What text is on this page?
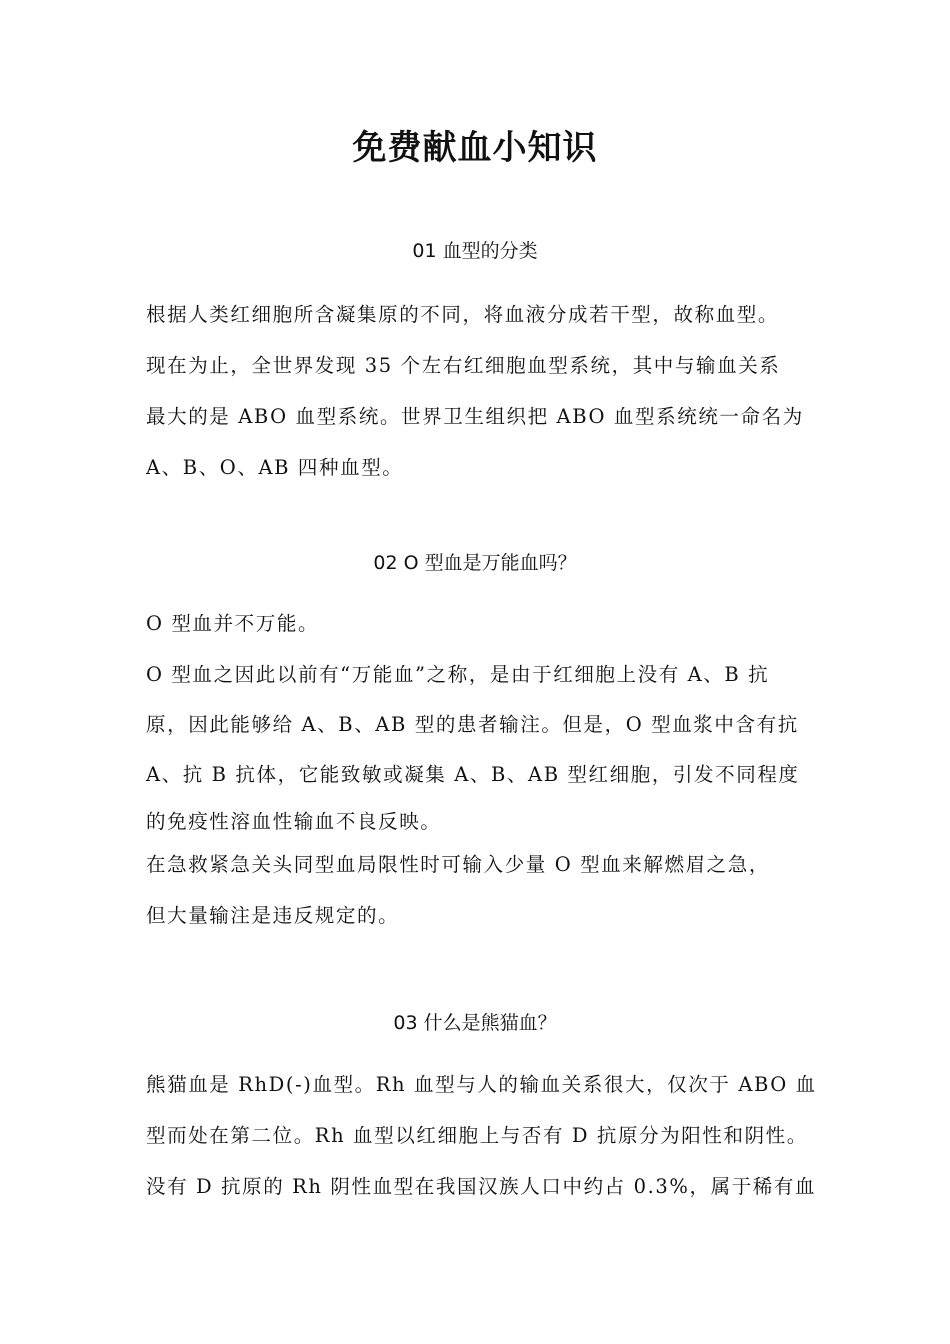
免费献血小知识
01 血型的分类
根据人类红细胞所含凝集原的不同，将血液分成若干型，故称血型。
现在为止，全世界发现 35 个左右红细胞血型系统，其中与输血关系
最大的是 ABO 血型系统。世界卫生组织把 ABO 血型系统统一命名为
A、B、O、AB 四种血型。
02 O 型血是万能血吗？
O 型血并不万能。
O 型血之因此以前有“万能血”之称，是由于红细胞上没有 A、B 抗
原，因此能够给 A、B、AB 型的患者输注。但是，O 型血浆中含有抗
A、抗 B 抗体，它能致敏或凝集 A、B、AB 型红细胞，引发不同程度
的免疫性溶血性输血不良反映。
在急救紧急关头同型血局限性时可输入少量 O 型血来解燃眉之急，
但大量输注是违反规定的。
03 什么是熊猫血？
熊猫血是 RhD(-)血型。Rh 血型与人的输血关系很大，仅次于 ABO 血
型而处在第二位。Rh 血型以红细胞上与否有 D 抗原分为阳性和阴性。
没有 D 抗原的 Rh 阴性血型在我国汉族人口中约占 0.3%，属于稀有血
